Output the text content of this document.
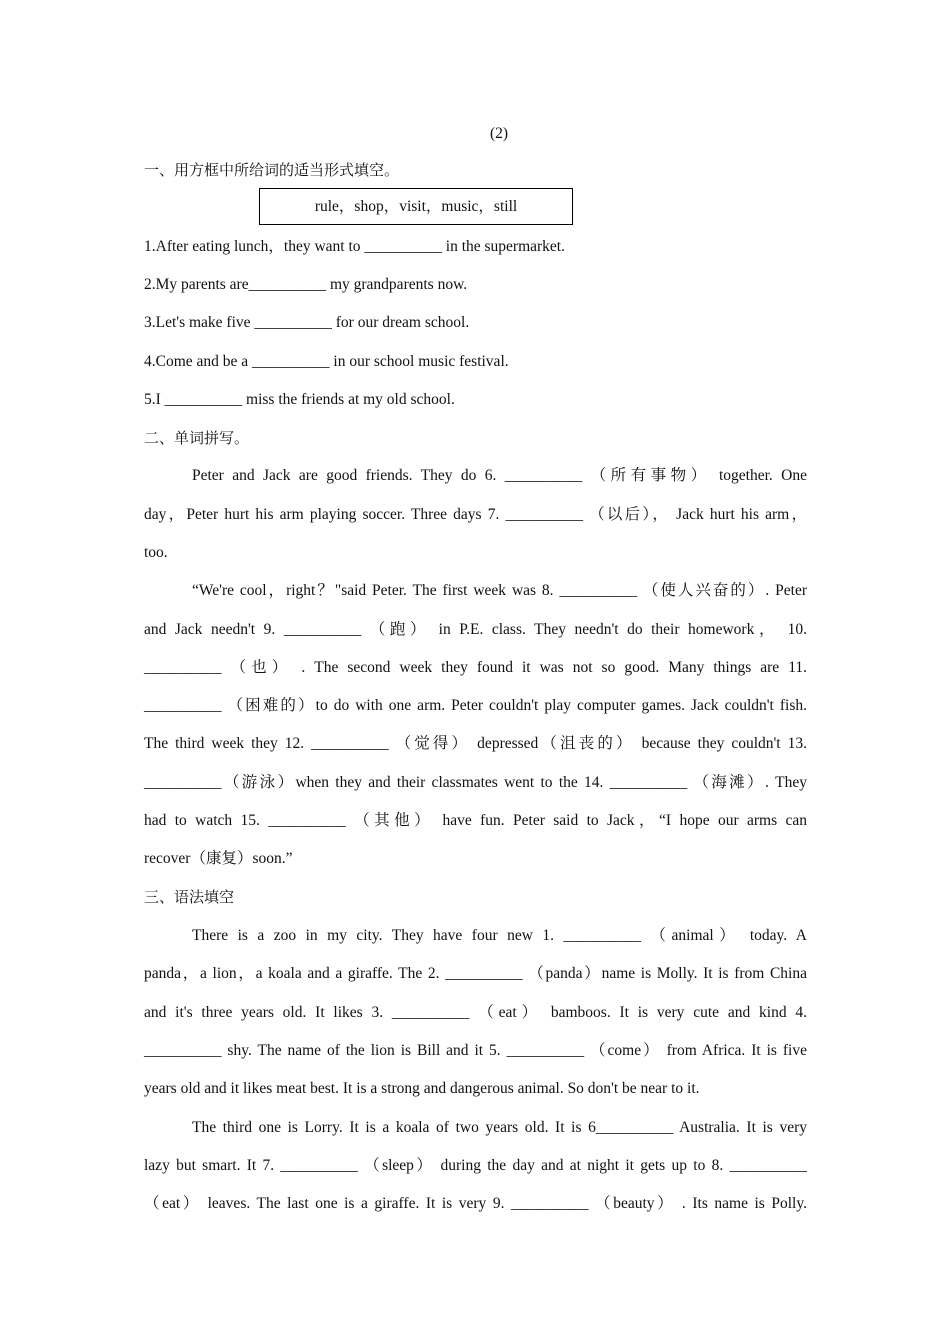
(2)
一、用方框中所给词的适当形式填空。
rule，shop，visit，music，still
1.After eating lunch，they want to __________ in the supermarket.
2.My parents are__________ my grandparents now.
3.Let's make five __________ for our dream school.
4.Come and be a __________ in our school music festival.
5.I __________ miss the friends at my old school.
二、单词拼写。
Peter and Jack are good friends. They do 6. __________ （所有事物） together. One
day，Peter hurt his arm playing soccer. Three days 7. __________ （以后）， Jack hurt his arm，
too.
“We're cool，right？"said Peter. The first week was 8. __________ （使人兴奋的）. Peter
and Jack needn't 9. __________ （跑） in P.E. class. They needn't do their homework， 10.
__________ （也） . The second week they found it was not so good. Many things are 11.
__________ （困难的）to do with one arm. Peter couldn't play computer games. Jack couldn't fish.
The third week they 12. __________ （觉得） depressed（沮丧的） because they couldn't 13.
__________（游泳）when they and their classmates went to the 14. __________ （海滩）. They
had to watch 15. __________ （其他） have fun. Peter said to Jack，“I hope our arms can
recover（康复）soon.”
三、语法填空
There is a zoo in my city. They have four new 1. __________ （animal） today. A
panda，a lion，a koala and a giraffe. The 2. __________ （panda）name is Molly. It is from China
and it's three years old. It likes 3. __________ （eat） bamboos. It is very cute and kind 4.
__________ shy. The name of the lion is Bill and it 5. __________ （come） from Africa. It is five
years old and it likes meat best. It is a strong and dangerous animal. So don't be near to it.
The third one is Lorry. It is a koala of two years old. It is 6__________ Australia. It is very
lazy but smart. It 7. __________ （sleep） during the day and at night it gets up to 8. __________
（eat） leaves. The last one is a giraffe. It is very 9. __________ （beauty） . Its name is Polly.
